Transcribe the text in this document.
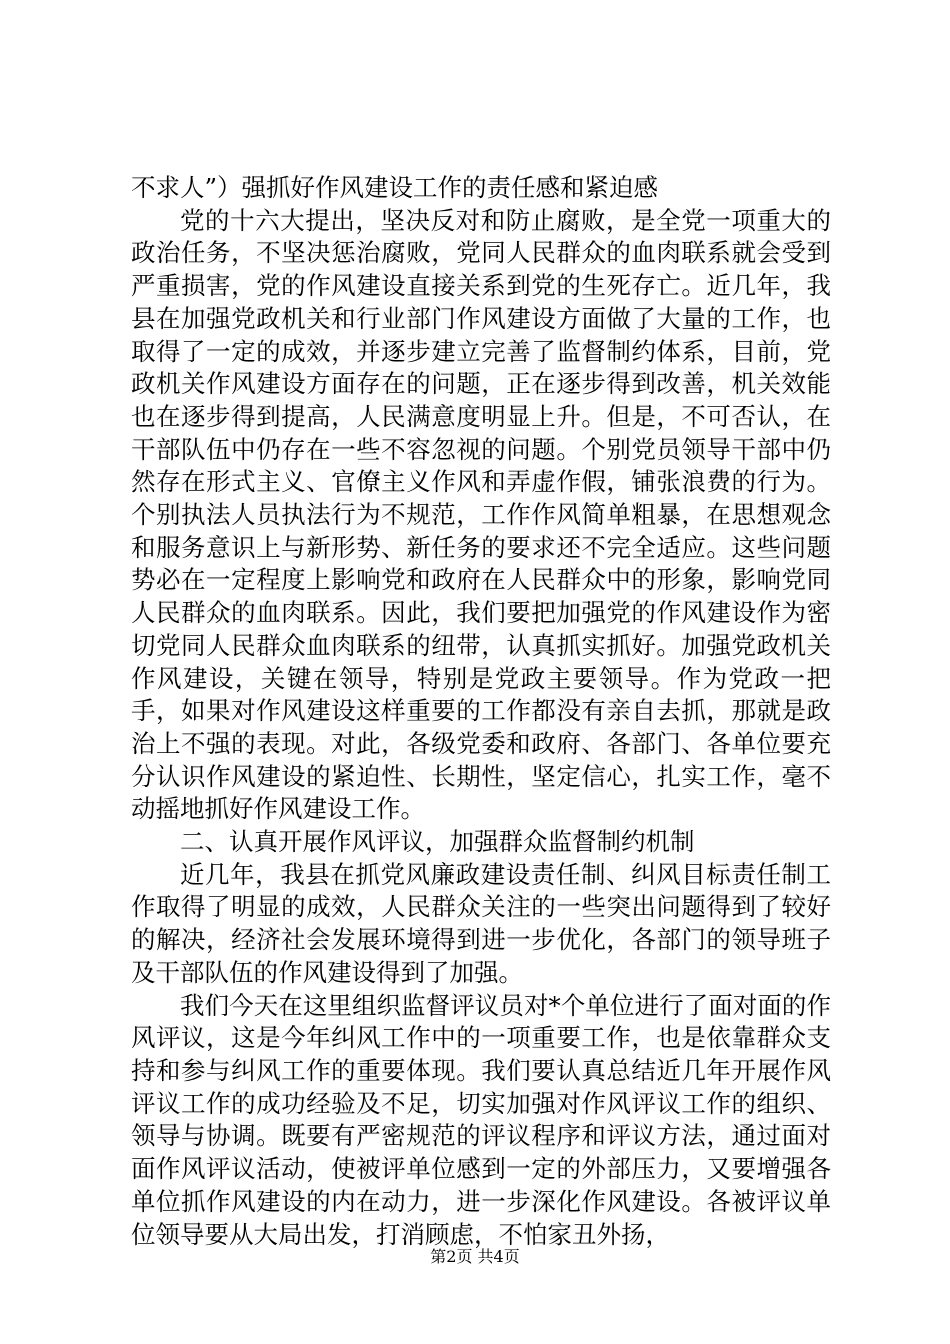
不求人”）强抓好作风建设工作的责任感和紧迫感

党的十六大提出，坚决反对和防止腐败，是全党一项重大的政治任务，不坚决惩治腐败，党同人民群众的血肉联系就会受到严重损害，党的作风建设直接关系到党的生死存亡。近几年，我县在加强党政机关和行业部门作风建设方面做了大量的工作，也取得了一定的成效，并逐步建立完善了监督制约体系，目前，党政机关作风建设方面存在的问题，正在逐步得到改善，机关效能也在逐步得到提高，人民满意度明显上升。但是，不可否认，在干部队伍中仍存在一些不容忽视的问题。个别党员领导干部中仍然存在形式主义、官僚主义作风和弄虚作假，铺张浪费的行为。个别执法人员执法行为不规范，工作作风简单粗暴，在思想观念和服务意识上与新形势、新任务的要求还不完全适应。这些问题势必在一定程度上影响党和政府在人民群众中的形象，影响党同人民群众的血肉联系。因此，我们要把加强党的作风建设作为密切党同人民群众血肉联系的纽带，认真抓实抓好。加强党政机关作风建设，关键在领导，特别是党政主要领导。作为党政一把手，如果对作风建设这样重要的工作都没有亲自去抓，那就是政治上不强的表现。对此，各级党委和政府、各部门、各单位要充分认识作风建设的紧迫性、长期性，坚定信心，扎实工作，毫不动摇地抓好作风建设工作。

二、认真开展作风评议，加强群众监督制约机制

近几年，我县在抓党风廉政建设责任制、纠风目标责任制工作取得了明显的成效，人民群众关注的一些突出问题得到了较好的解决，经济社会发展环境得到进一步优化，各部门的领导班子及干部队伍的作风建设得到了加强。

我们今天在这里组织监督评议员对*个单位进行了面对面的作风评议，这是今年纠风工作中的一项重要工作，也是依靠群众支持和参与纠风工作的重要体现。我们要认真总结近几年开展作风评议工作的成功经验及不足，切实加强对作风评议工作的组织、领导与协调。既要有严密规范的评议程序和评议方法，通过面对面作风评议活动，使被评单位感到一定的外部压力，又要增强各单位抓作风建设的内在动力，进一步深化作风建设。各被评议单位领导要从大局出发，打消顾虑，不怕家丑外扬，

第2页 共4页
